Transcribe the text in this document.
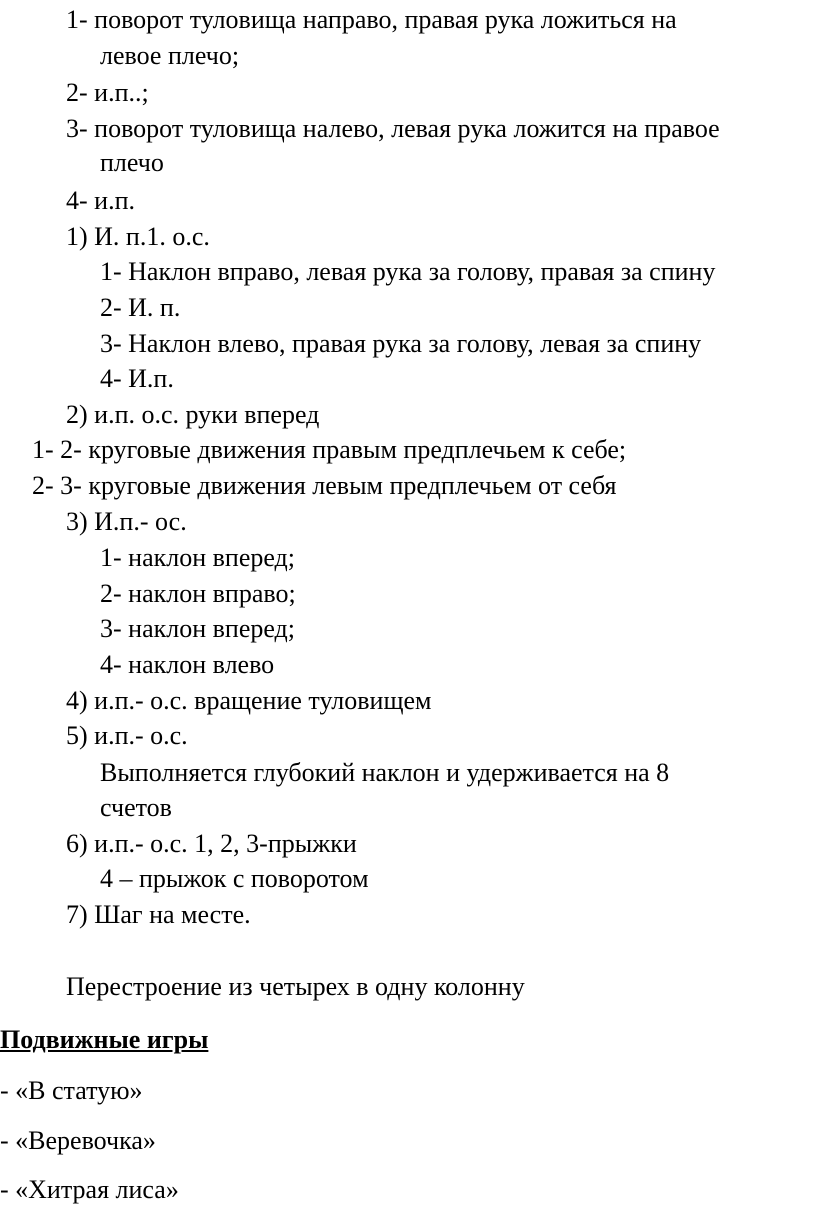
1- поворот туловища направо, правая рука ложиться на
левое плечо;
2- и.п..;
3- поворот туловища налево, левая рука ложится на правое
плечо
4- и.п.
1) И. п.1. о.с.
1- Наклон вправо, левая рука за голову, правая за спину
2- И. п.
3- Наклон влево, правая рука за голову, левая за спину
4- И.п.
2) и.п. о.с. руки вперед
1- 2- круговые движения правым предплечьем к себе;
2- 3- круговые движения левым предплечьем от себя
3) И.п.- ос.
1- наклон вперед;
2- наклон вправо;
3- наклон вперед;
4- наклон влево
4) и.п.- о.с. вращение туловищем
5) и.п.- о.с.
Выполняется глубокий наклон и удерживается на 8
счетов
6) и.п.- о.с. 1, 2, 3-прыжки
4 – прыжок с поворотом
7) Шаг на месте.
Перестроение из четырех в одну колонну
Подвижные игры
- «В статую»
- «Веревочка»
- «Хитрая лиса»
